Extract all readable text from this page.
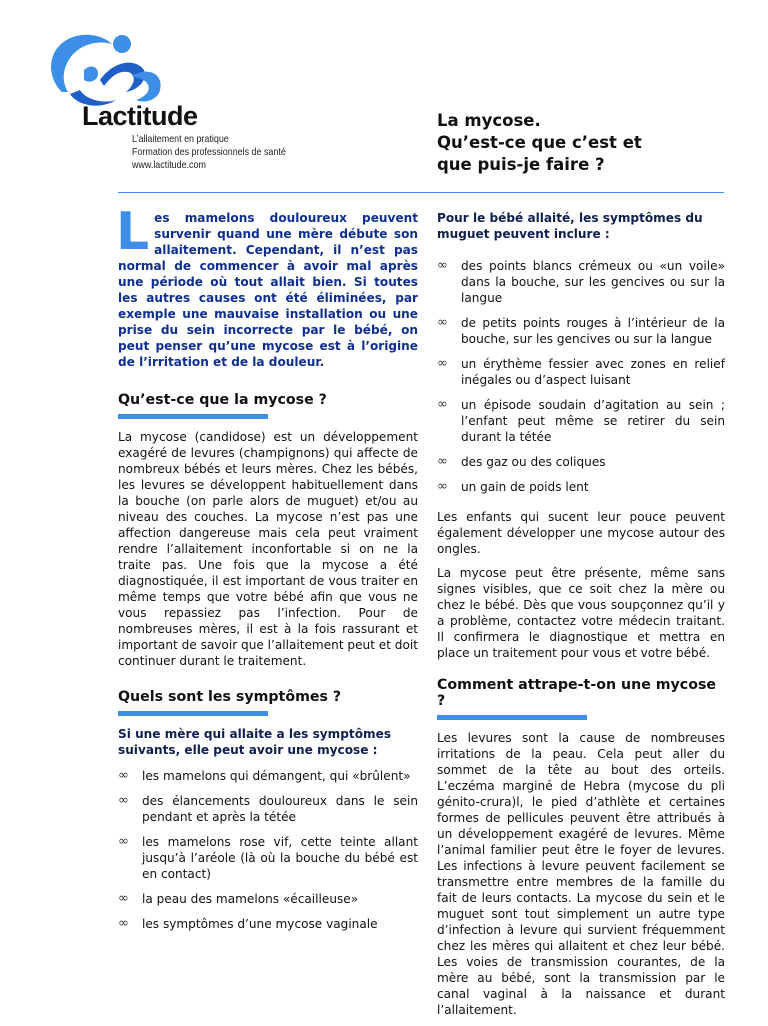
Lactitude
L’allaitement en pratique
Formation des professionnels de santé
www.lactitude.com
La mycose.
Qu’est-ce que c’est et
que puis-je faire ?
Les mamelons douloureux peuvent survenir quand une mère débute son allaitement. Cependant, il n’est pas normal de commencer à avoir mal après une période où tout allait bien. Si toutes les autres causes ont été éliminées, par exemple une mauvaise installation ou une prise du sein incorrecte par le bébé, on peut penser qu’une mycose est à l’origine de l’irritation et de la douleur.
Qu’est-ce que la mycose ?

La mycose (candidose) est un développement exagéré de levures (champignons) qui affecte de nombreux bébés et leurs mères. Chez les bébés, les levures se développent habituellement dans la bouche (on parle alors de muguet) et/ou au niveau des couches. La mycose n’est pas une affection dangereuse mais cela peut vraiment rendre l’allaitement inconfortable si on ne la traite pas. Une fois que la mycose a été diagnostiquée, il est important de vous traiter en même temps que votre bébé afin que vous ne vous repassiez pas l’infection. Pour de nombreuses mères, il est à la fois rassurant et important de savoir que l’allaitement peut et doit continuer durant le traitement.

Quels sont les symptômes ?

Si une mère qui allaite a les symptômes suivants, elle peut avoir une mycose :

∞ les mamelons qui démangent, qui «brûlent»
∞ des élancements douloureux dans le sein pendant et après la tétée
∞ les mamelons rose vif, cette teinte allant jusqu’à l’aréole (là où la bouche du bébé est en contact)
∞ la peau des mamelons «écailleuse»
∞ les symptômes d’une mycose vaginale

Pour le bébé allaité, les symptômes du muguet peuvent inclure :

∞ des points blancs crémeux ou «un voile» dans la bouche, sur les gencives ou sur la langue
∞ de petits points rouges à l’intérieur de la bouche, sur les gencives ou sur la langue
∞ un érythème fessier avec zones en relief inégales ou d’aspect luisant
∞ un épisode soudain d’agitation au sein ; l’enfant peut même se retirer du sein durant la tétée
∞ des gaz ou des coliques
∞ un gain de poids lent

Les enfants qui sucent leur pouce peuvent également développer une mycose autour des ongles.

La mycose peut être présente, même sans signes visibles, que ce soit chez la mère ou chez le bébé. Dès que vous soupçonnez qu’il y a problème, contactez votre médecin traitant. Il confirmera le diagnostique et mettra en place un traitement pour vous et votre bébé.

Comment attrape-t-on une mycose ?

Les levures sont la cause de nombreuses irritations de la peau. Cela peut aller du sommet de la tête au bout des orteils. L’eczéma marginé de Hebra (mycose du pli génito-crura)l, le pied d’athlète et certaines formes de pellicules peuvent être attribués à un développement exagéré de levures. Même l’animal familier peut être le foyer de levures. Les infections à levure peuvent facilement se transmettre entre membres de la famille du fait de leurs contacts. La mycose du sein et le muguet sont tout simplement un autre type d’infection à levure qui survient fréquemment chez les mères qui allaitent et chez leur bébé. Les voies de transmission courantes, de la mère au bébé, sont la transmission par le canal vaginal à la naissance et durant l’allaitement.
